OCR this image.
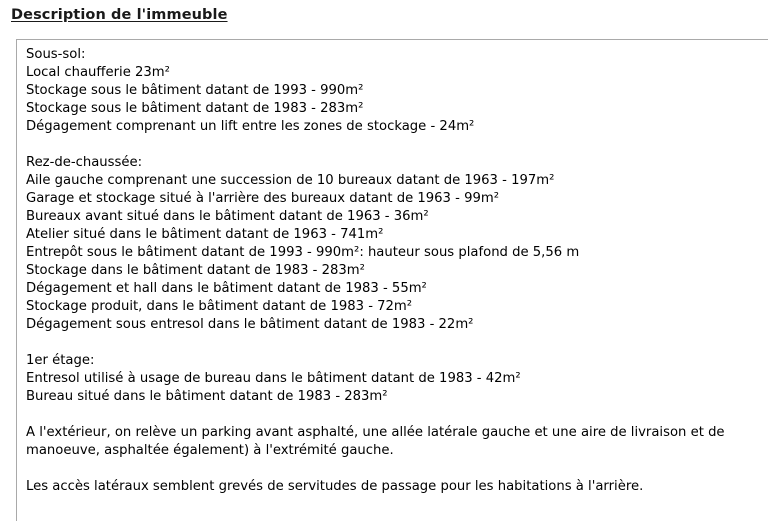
Description de l'immeuble
Sous-sol:
Local chaufferie 23m²
Stockage sous le bâtiment datant de 1993 - 990m²
Stockage sous le bâtiment datant de 1983 - 283m²
Dégagement comprenant un lift entre les zones de stockage - 24m²
Rez-de-chaussée:
Aile gauche comprenant une succession de 10 bureaux datant de 1963 - 197m²
Garage et stockage situé à l'arrière des bureaux datant de 1963 - 99m²
Bureaux avant situé dans le bâtiment datant de 1963 - 36m²
Atelier situé dans le bâtiment datant de 1963 - 741m²
Entrepôt sous le bâtiment datant de 1993 - 990m²: hauteur sous plafond de 5,56 m
Stockage dans le bâtiment datant de 1983 - 283m²
Dégagement et hall dans le bâtiment datant de 1983 - 55m²
Stockage produit, dans le bâtiment datant de 1983 - 72m²
Dégagement sous entresol dans le bâtiment datant de 1983 - 22m²
1er étage:
Entresol utilisé à usage de bureau dans le bâtiment datant de 1983 - 42m²
Bureau situé dans le bâtiment datant de 1983 - 283m²

A l'extérieur, on relève un parking avant asphalté, une allée latérale gauche et une aire de livraison et de manoeuve, asphaltée également) à l'extrémité gauche.

Les accès latéraux semblent grevés de servitudes de passage pour les habitations à l'arrière.
